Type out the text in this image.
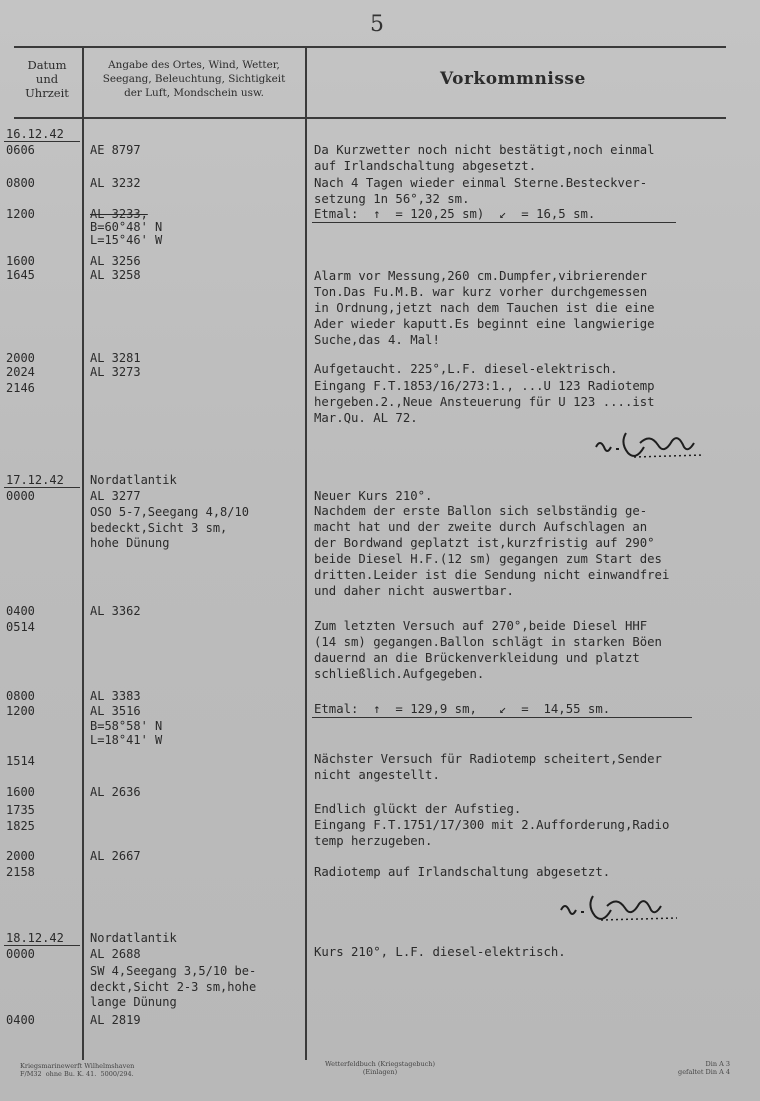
5
Datum
und
Uhrzeit
Angabe des Ortes, Wind, Wetter,
Seegang, Beleuchtung, Sichtigkeit
der Luft, Mondschein usw.
Vorkommnisse
16.12.42
17.12.42
18.12.42
0606
0800
1200
1600
1645
2000
2024
2146
0000
0400
0514
0800
1200
1514
1600
1735
1825
2000
2158
0000
0400
AE 8797
AL 3232
AL 3233,
B=60°48' N
L=15°46' W
AL 3256
AL 3258
AL 3281
AL 3273
Nordatlantik
AL 3277
AL 3362
AL 3383
AL 3516
B=58°58' N
L=18°41' W
AL 2636
AL 2667
Nordatlantik
AL 2688
AL 2819
OSO 5-7,Seegang 4,8/10
bedeckt,Sicht 3 sm,
hohe Dünung
SW 4,Seegang 3,5/10 be-
deckt,Sicht 2-3 sm,hohe
lange Dünung
Da Kurzwetter noch nicht bestätigt,noch einmal
auf Irlandschaltung abgesetzt.
Nach 4 Tagen wieder einmal Sterne.Besteckver-
setzung 1n 56°,32 sm.
Etmal:  ↑  = 120,25 sm)  ↙  = 16,5 sm.
Alarm vor Messung,260 cm.Dumpfer,vibrierender
Ton.Das Fu.M.B. war kurz vorher durchgemessen
in Ordnung,jetzt nach dem Tauchen ist die eine
Ader wieder kaputt.Es beginnt eine langwierige
Suche,das 4. Mal!
Aufgetaucht. 225°,L.F. diesel-elektrisch.
Eingang F.T.1853/16/273:1., ...U 123 Radiotemp
hergeben.2.,Neue Ansteuerung für U 123 ....ist
Mar.Qu. AL 72.
Neuer Kurs 210°.
Nachdem der erste Ballon sich selbständig ge-
macht hat und der zweite durch Aufschlagen an
der Bordwand geplatzt ist,kurzfristig auf 290°
beide Diesel H.F.(12 sm) gegangen zum Start des
dritten.Leider ist die Sendung nicht einwandfrei
und daher nicht auswertbar.
Zum letzten Versuch auf 270°,beide Diesel HHF
(14 sm) gegangen.Ballon schlägt in starken Böen
dauernd an die Brückenverkleidung und platzt
schließlich.Aufgegeben.
Etmal:  ↑  = 129,9 sm,   ↙  =  14,55 sm.
Nächster Versuch für Radiotemp scheitert,Sender
nicht angestellt.
Endlich glückt der Aufstieg.
Eingang F.T.1751/17/300 mit 2.Aufforderung,Radio
temp herzugeben.
Radiotemp auf Irlandschaltung abgesetzt.
Kurs 210°, L.F. diesel-elektrisch.
Kriegsmarinewerft Wilhelmshaven
F/M32  ohne Bu. K. 41.  5000/294.
Wetterfeldbuch (Kriegstagebuch)
(Einlagen)
Din A 3
gefaltet Din A 4
